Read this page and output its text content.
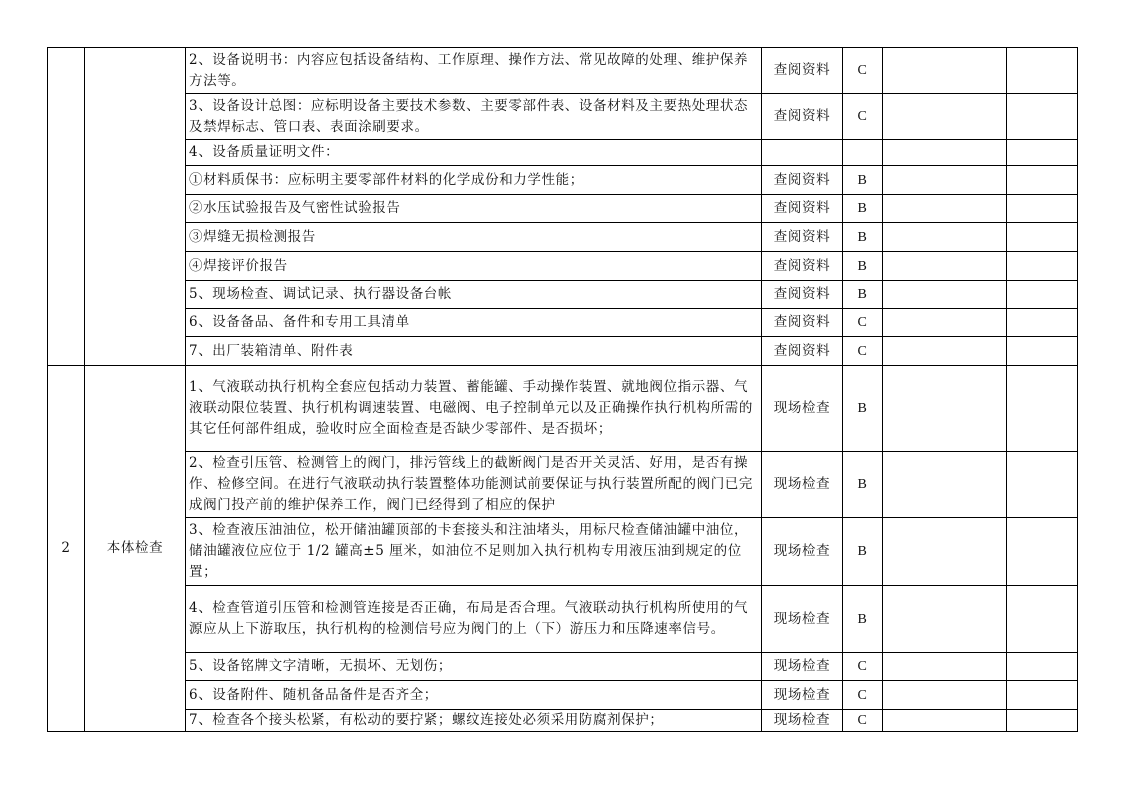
		2、设备说明书：内容应包括设备结构、工作原理、操作方法、常见故障的处理、维护保养方法等。	查阅资料	C		
		3、设备设计总图：应标明设备主要技术参数、主要零部件表、设备材料及主要热处理状态及禁焊标志、管口表、表面涂刷要求。	查阅资料	C		
		4、设备质量证明文件：				
		①材料质保书：应标明主要零部件材料的化学成份和力学性能；	查阅资料	B		
		②水压试验报告及气密性试验报告	查阅资料	B		
		③焊缝无损检测报告	查阅资料	B		
		④焊接评价报告	查阅资料	B		
		5、现场检查、调试记录、执行器设备台帐	查阅资料	B		
		6、设备备品、备件和专用工具清单	查阅资料	C		
		7、出厂装箱清单、附件表	查阅资料	C		
2	本体检查	1、气液联动执行机构全套应包括动力装置、蓄能罐、手动操作装置、就地阀位指示器、气液联动限位装置、执行机构调速装置、电磁阀、电子控制单元以及正确操作执行机构所需的其它任何部件组成，验收时应全面检查是否缺少零部件、是否损坏；	现场检查	B		
		2、检查引压管、检测管上的阀门，排污管线上的截断阀门是否开关灵活、好用，是否有操作、检修空间。在进行气液联动执行装置整体功能测试前要保证与执行装置所配的阀门已完成阀门投产前的维护保养工作，阀门已经得到了相应的保护	现场检查	B		
		3、检查液压油油位，松开储油罐顶部的卡套接头和注油堵头，用标尺检查储油罐中油位，储油罐液位应位于 1/2 罐高±5 厘米，如油位不足则加入执行机构专用液压油到规定的位置；	现场检查	B		
		4、检查管道引压管和检测管连接是否正确，布局是否合理。气液联动执行机构所使用的气源应从上下游取压，执行机构的检测信号应为阀门的上（下）游压力和压降速率信号。	现场检查	B		
		5、设备铭牌文字清晰，无损坏、无划伤；	现场检查	C		
		6、设备附件、随机备品备件是否齐全；	现场检查	C		
		7、检查各个接头松紧，有松动的要拧紧；螺纹连接处必须采用防腐剂保护；	现场检查	C		
